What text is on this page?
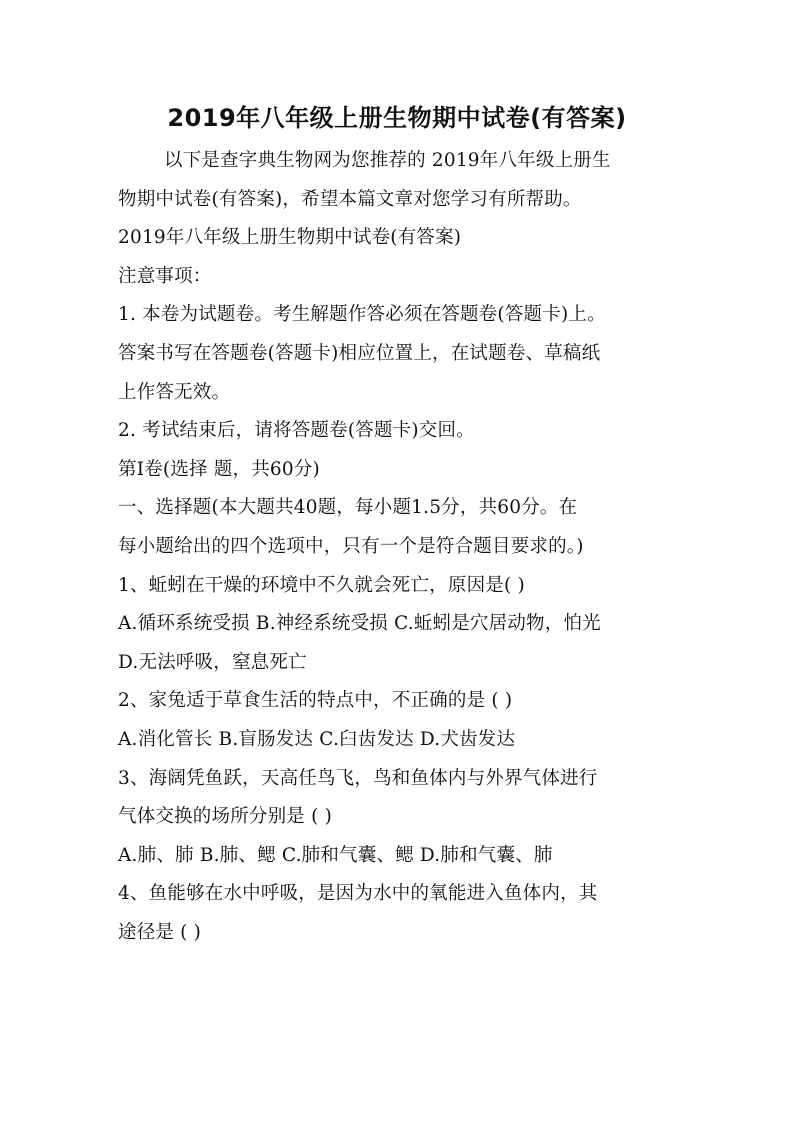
2019年八年级上册生物期中试卷(有答案)
以下是查字典生物网为您推荐的 2019年八年级上册生
物期中试卷(有答案)，希望本篇文章对您学习有所帮助。
2019年八年级上册生物期中试卷(有答案)
注意事项：
1. 本卷为试题卷。考生解题作答必须在答题卷(答题卡)上。
答案书写在答题卷(答题卡)相应位置上，在试题卷、草稿纸
上作答无效。
2. 考试结束后，请将答题卷(答题卡)交回。
第Ⅰ卷(选择 题，共60分)
一、选择题(本大题共40题，每小题1.5分，共60分。在
每小题给出的四个选项中，只有一个是符合题目要求的。)
1、蚯蚓在干燥的环境中不久就会死亡，原因是( )
A.循环系统受损 B.神经系统受损 C.蚯蚓是穴居动物，怕光
D.无法呼吸，窒息死亡
2、家兔适于草食生活的特点中，不正确的是 ( )
A.消化管长 B.盲肠发达 C.臼齿发达 D.犬齿发达
3、海阔凭鱼跃，天高任鸟飞，鸟和鱼体内与外界气体进行
气体交换的场所分别是 ( )
A.肺、肺 B.肺、鳃 C.肺和气囊、鳃 D.肺和气囊、肺
4、鱼能够在水中呼吸，是因为水中的氧能进入鱼体内，其
途径是 ( )
